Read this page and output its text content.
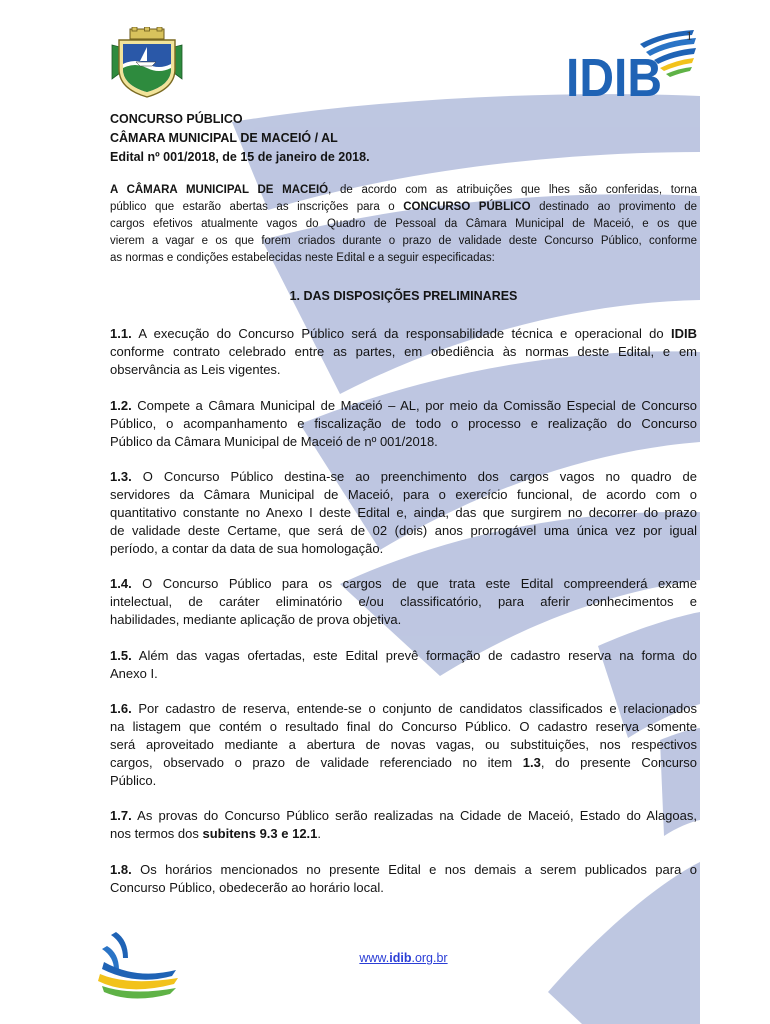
IDIB
1
CONCURSO PÚBLICO
CÂMARA MUNICIPAL DE MACEIÓ / AL
Edital nº 001/2018, de 15 de janeiro de 2018.
A CÂMARA MUNICIPAL DE MACEIÓ, de acordo com as atribuições que lhes são conferidas, torna
público que estarão abertas as inscrições para o CONCURSO PÚBLICO destinado ao provimento de
cargos efetivos atualmente vagos do Quadro de Pessoal da Câmara Municipal de Maceió, e os que
vierem a vagar e os que forem criados durante o prazo de validade deste Concurso Público, conforme
as normas e condições estabelecidas neste Edital e a seguir especificadas:
1. DAS DISPOSIÇÕES PRELIMINARES
1.1. A execução do Concurso Público será da responsabilidade técnica e operacional do IDIB
conforme contrato celebrado entre as partes, em obediência às normas deste Edital, e em
observância as Leis vigentes.
1.2. Compete a Câmara Municipal de Maceió – AL, por meio da Comissão Especial de Concurso
Público, o acompanhamento e fiscalização de todo o processo e realização do Concurso
Público da Câmara Municipal de Maceió de nº 001/2018.
1.3. O Concurso Público destina-se ao preenchimento dos cargos vagos no quadro de
servidores da Câmara Municipal de Maceió, para o exercício funcional, de acordo com o
quantitativo constante no Anexo I deste Edital e, ainda, das que surgirem no decorrer do prazo
de validade deste Certame, que será de 02 (dois) anos prorrogável uma única vez por igual
período, a contar da data de sua homologação.
1.4. O Concurso Público para os cargos de que trata este Edital compreenderá exame
intelectual, de caráter eliminatório e/ou classificatório, para aferir conhecimentos e
habilidades, mediante aplicação de prova objetiva.
1.5. Além das vagas ofertadas, este Edital prevê formação de cadastro reserva na forma do
Anexo I.
1.6. Por cadastro de reserva, entende-se o conjunto de candidatos classificados e relacionados
na listagem que contém o resultado final do Concurso Público. O cadastro reserva somente
será aproveitado mediante a abertura de novas vagas, ou substituições, nos respectivos
cargos, observado o prazo de validade referenciado no item 1.3, do presente Concurso
Público.
1.7. As provas do Concurso Público serão realizadas na Cidade de Maceió, Estado do Alagoas,
nos termos dos subitens 9.3 e 12.1.
1.8. Os horários mencionados no presente Edital e nos demais a serem publicados para o
Concurso Público, obedecerão ao horário local.
www.idib.org.br
